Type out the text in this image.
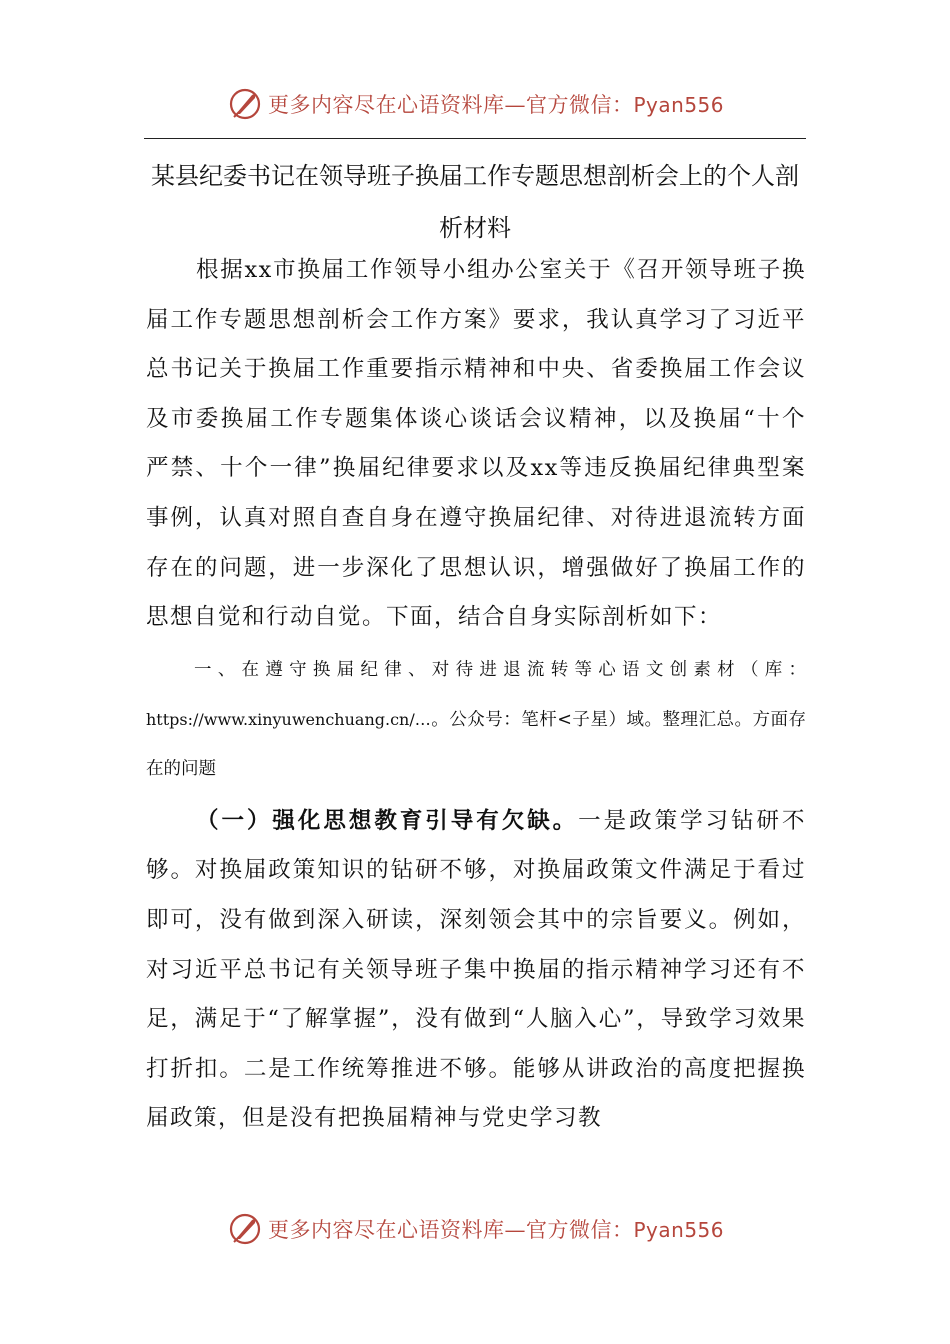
更多内容尽在心语资料库—官方微信：Pyan556
某县纪委书记在领导班子换届工作专题思想剖析会上的个人剖析材料
根据xx市换届工作领导小组办公室关于《召开领导班子换届工作专题思想剖析会工作方案》要求，我认真学习了习近平总书记关于换届工作重要指示精神和中央、省委换届工作会议及市委换届工作专题集体谈心谈话会议精神，以及换届“十个严禁、十个一律”换届纪律要求以及xx等违反换届纪律典型案事例，认真对照自查自身在遵守换届纪律、对待进退流转方面存在的问题，进一步深化了思想认识，增强做好了换届工作的思想自觉和行动自觉。下面，结合自身实际剖析如下：
一、在遵守换届纪律、对待进退流转等心语文创素材（库：https://www.xinyuwenchuang.cn/…。公众号：笔杆<子星）域。整理汇总。方面存在的问题
（一）强化思想教育引导有欠缺。一是政策学习钻研不够。对换届政策知识的钻研不够，对换届政策文件满足于看过即可，没有做到深入研读，深刻领会其中的宗旨要义。例如，对习近平总书记有关领导班子集中换届的指示精神学习还有不足，满足于“了解掌握”，没有做到“人脑入心”，导致学习效果打折扣。二是工作统筹推进不够。能够从讲政治的高度把握换届政策，但是没有把换届精神与党史学习教
更多内容尽在心语资料库—官方微信：Pyan556
